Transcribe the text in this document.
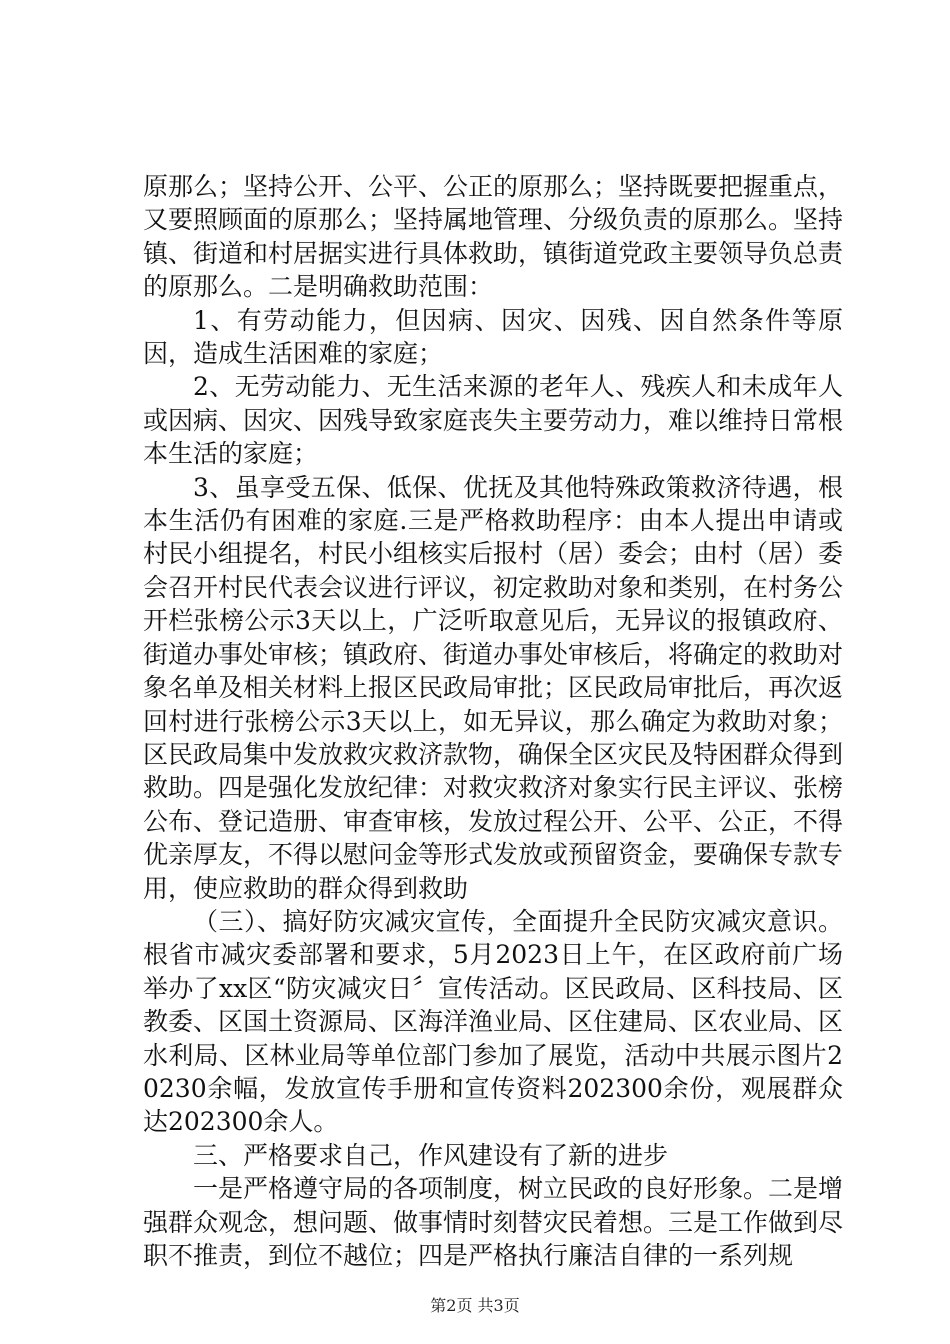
原那么；坚持公开、公平、公正的原那么；坚持既要把握重点，又要照顾面的原那么；坚持属地管理、分级负责的原那么。坚持镇、街道和村居据实进行具体救助，镇街道党政主要领导负总责的原那么。二是明确救助范围：

1、有劳动能力，但因病、因灾、因残、因自然条件等原因，造成生活困难的家庭；

2、无劳动能力、无生活来源的老年人、残疾人和未成年人或因病、因灾、因残导致家庭丧失主要劳动力，难以维持日常根本生活的家庭；

3、虽享受五保、低保、优抚及其他特殊政策救济待遇，根本生活仍有困难的家庭.三是严格救助程序：由本人提出申请或村民小组提名，村民小组核实后报村（居）委会；由村（居）委会召开村民代表会议进行评议，初定救助对象和类别，在村务公开栏张榜公示3天以上，广泛听取意见后，无异议的报镇政府、街道办事处审核；镇政府、街道办事处审核后，将确定的救助对象名单及相关材料上报区民政局审批；区民政局审批后，再次返回村进行张榜公示3天以上，如无异议，那么确定为救助对象；区民政局集中发放救灾救济款物，确保全区灾民及特困群众得到救助。四是强化发放纪律：对救灾救济对象实行民主评议、张榜公布、登记造册、审查审核，发放过程公开、公平、公正，不得优亲厚友，不得以慰问金等形式发放或预留资金，要确保专款专用，使应救助的群众得到救助

（三）、搞好防灾减灾宣传，全面提升全民防灾减灾意识。根省市减灾委部署和要求，5月2023日上午，在区政府前广场举办了xx区“防灾减灾日〞宣传活动。区民政局、区科技局、区教委、区国土资源局、区海洋渔业局、区住建局、区农业局、区水利局、区林业局等单位部门参加了展览，活动中共展示图片20230余幅，发放宣传手册和宣传资料202300余份，观展群众达202300余人。

三、严格要求自己，作风建设有了新的进步

一是严格遵守局的各项制度，树立民政的良好形象。二是增强群众观念，想问题、做事情时刻替灾民着想。三是工作做到尽职不推责，到位不越位；四是严格执行廉洁自律的一系列规

第2页 共3页
